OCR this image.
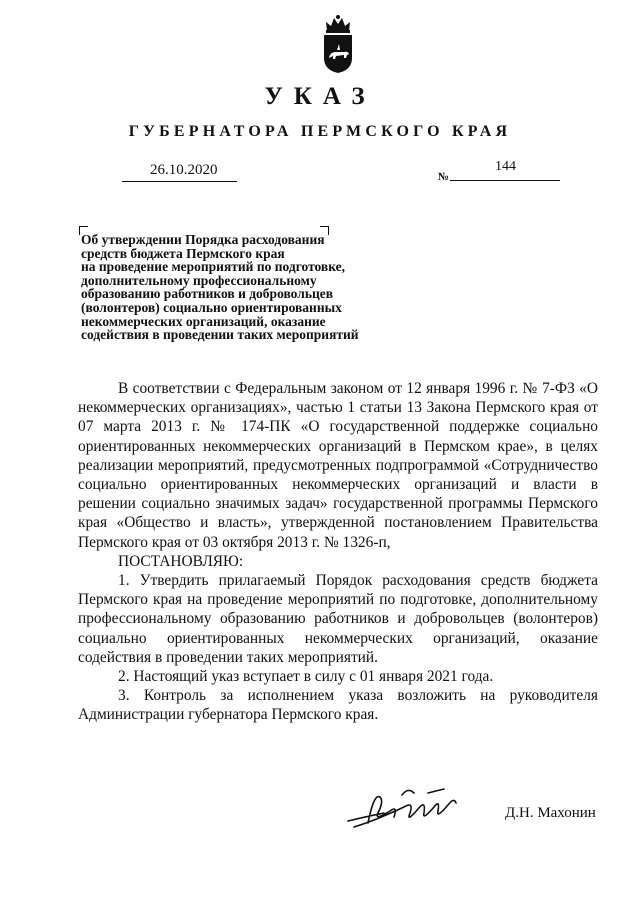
УКАЗ
ГУБЕРНАТОРА ПЕРМСКОГО КРАЯ
26.10.2020	№
144
Об утверждении Порядка расходования
средств бюджета Пермского края
на проведение мероприятий по подготовке,
дополнительному профессиональному
образованию работников и добровольцев
(волонтеров) социально ориентированных
некоммерческих организаций, оказание
содействия в проведении таких мероприятий
В соответствии с Федеральным законом от 12 января 1996 г. № 7-ФЗ «О некоммерческих организациях», частью 1 статьи 13 Закона Пермского края от 07 марта 2013 г. № 174-ПК «О государственной поддержке социально ориентированных некоммерческих организаций в Пермском крае», в целях реализации мероприятий, предусмотренных подпрограммой «Сотрудничество социально ориентированных некоммерческих организаций и власти в решении социально значимых задач» государственной программы Пермского края «Общество и власть», утвержденной постановлением Правительства Пермского края от 03 октября 2013 г. № 1326-п,
ПОСТАНОВЛЯЮ:
1. Утвердить прилагаемый Порядок расходования средств бюджета Пермского края на проведение мероприятий по подготовке, дополнительному профессиональному образованию работников и добровольцев (волонтеров) социально ориентированных некоммерческих организаций, оказание содействия в проведении таких мероприятий.
2. Настоящий указ вступает в силу с 01 января 2021 года.
3. Контроль за исполнением указа возложить на руководителя Администрации губернатора Пермского края.
Д.Н. Махонин
